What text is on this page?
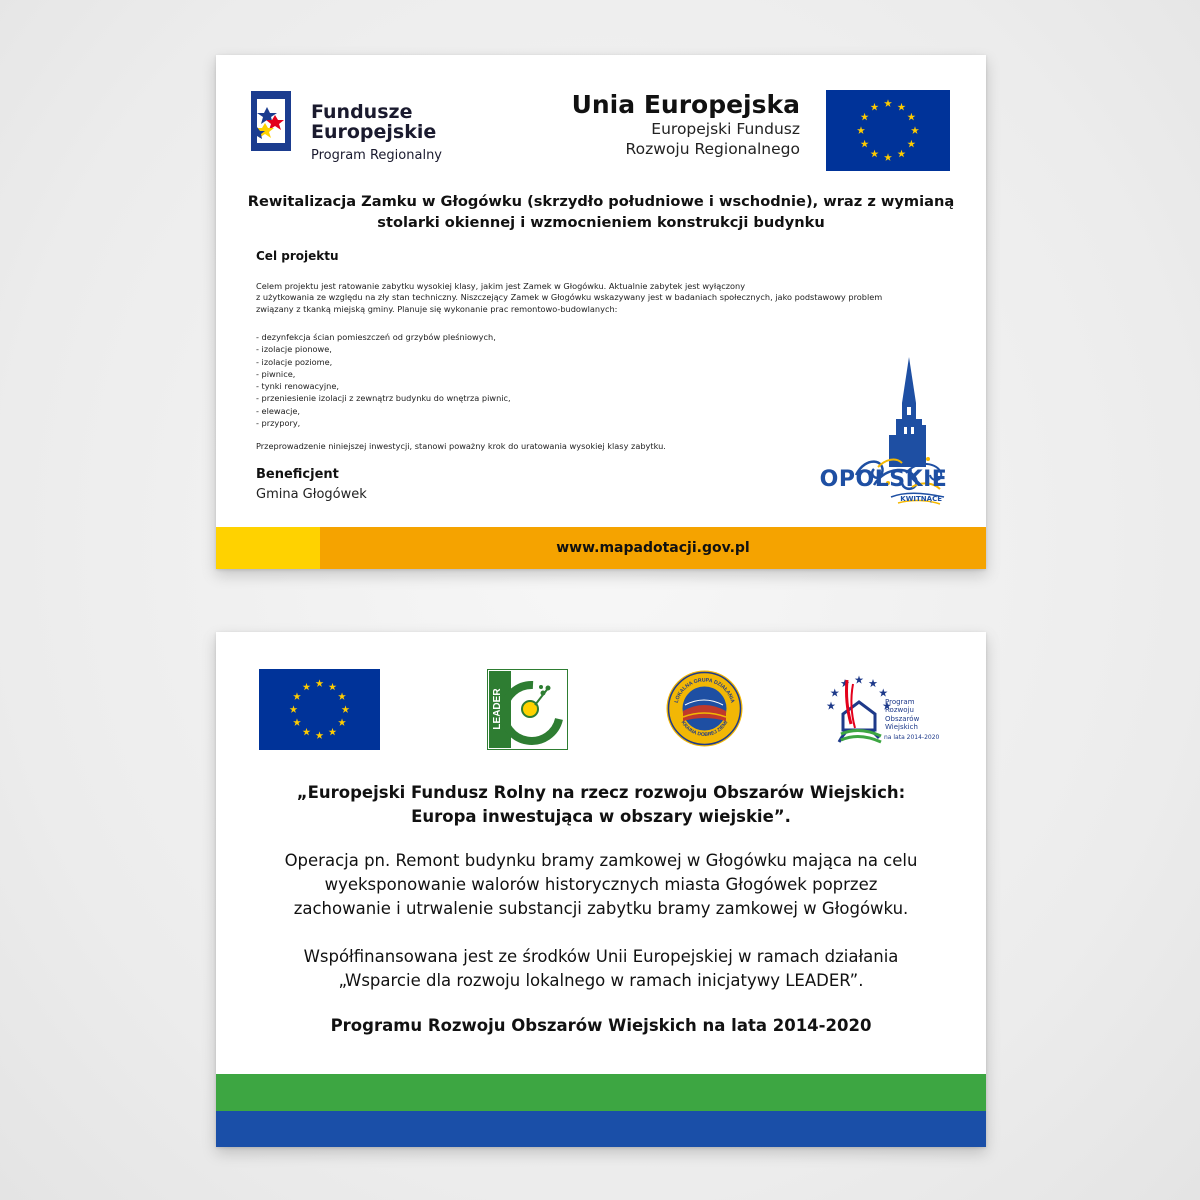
Fundusze
Europejskie
Program Regionalny
Unia Europejska
Europejski Fundusz
Rozwoju Regionalnego
Rewitalizacja Zamku w Głogówku (skrzydło południowe i wschodnie), wraz z wymianą
stolarki okiennej i wzmocnieniem konstrukcji budynku
Cel projektu

Celem projektu jest ratowanie zabytku wysokiej klasy, jakim jest Zamek w Głogówku. Aktualnie zabytek jest wyłączony

z użytkowania ze względu na zły stan techniczny. Niszczejący Zamek w Głogówku wskazywany jest w badaniach społecznych, jako podstawowy problem

związany z tkanką miejską gminy. Planuje się wykonanie prac remontowo-budowlanych:

- dezynfekcja ścian pomieszczeń od grzybów pleśniowych,
- izolacje pionowe,
- izolacje poziome,
- piwnice,
- tynki renowacyjne,
- przeniesienie izolacji z zewnątrz budynku do wnętrza piwnic,
- elewacje,
- przypory,
Przeprowadzenie niniejszej inwestycji, stanowi poważny krok do uratowania wysokiej klasy zabytku.
Beneficjent
Gmina Głogówek
OPOLSKIE
KWITNĄCE
www.mapadotacji.gov.pl
LEADER	LOKALNA GRUPA DZIAŁANIA
KRAINA DOBREJ ZIEMI
Program
Rozwoju
Obszarów
Wiejskich
na lata 2014-2020
„Europejski Fundusz Rolny na rzecz rozwoju Obszarów Wiejskich:
Europa inwestująca w obszary wiejskie”.
Operacja pn. Remont budynku bramy zamkowej w Głogówku mająca na celu
wyeksponowanie walorów historycznych miasta Głogówek poprzez
zachowanie i utrwalenie substancji zabytku bramy zamkowej w Głogówku.
Współfinansowana jest ze środków Unii Europejskiej w ramach działania
„Wsparcie dla rozwoju lokalnego w ramach inicjatywy LEADER”.
Programu Rozwoju Obszarów Wiejskich na lata 2014-2020
